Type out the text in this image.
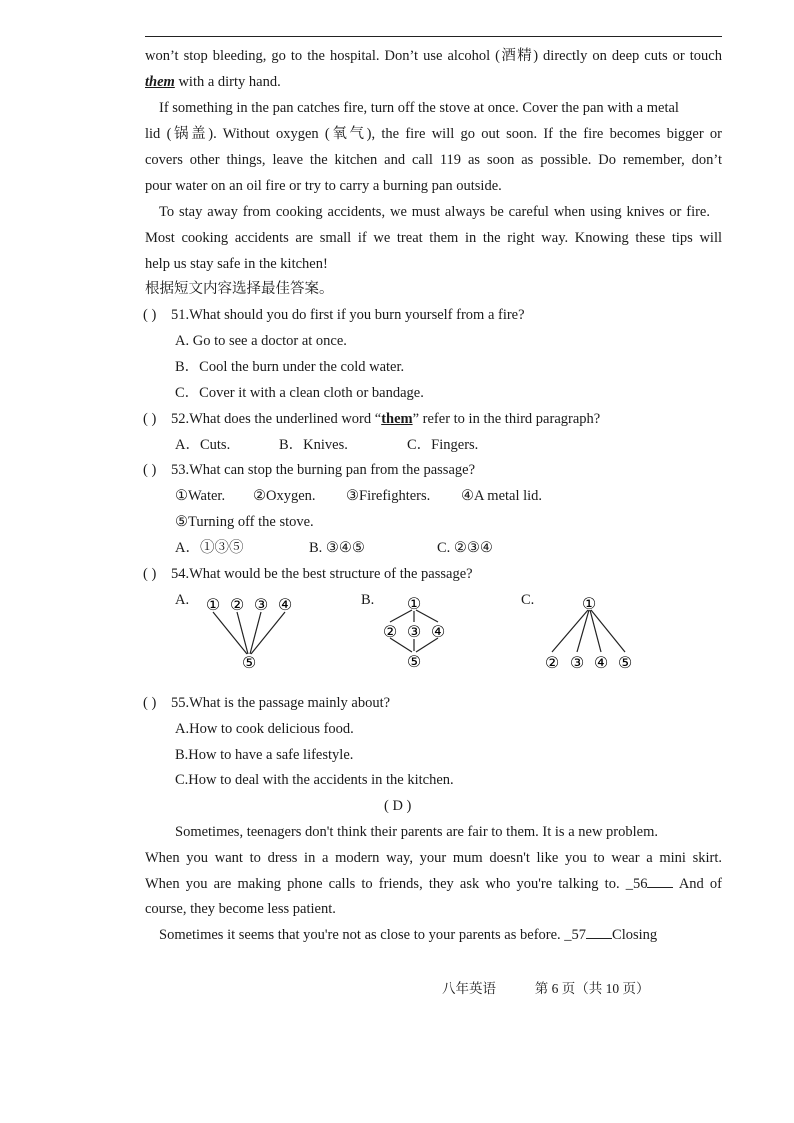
won’t stop bleeding, go to the hospital. Don’t use alcohol (酒精) directly on deep cuts or touch
them with a dirty hand.
If something in the pan catches fire, turn off the stove at once. Cover the pan with a metal
lid (锅盖). Without oxygen (氧气), the fire will go out soon. If the fire becomes bigger or
covers other things, leave the kitchen and call 119 as soon as possible. Do remember, don’t
pour water on an oil fire or try to carry a burning pan outside.
To stay away from cooking accidents, we must always be careful when using knives or fire.
Most cooking accidents are small if we treat them in the right way. Knowing these tips will
help us stay safe in the kitchen!
根据短文内容选择最佳答案。
( ) 51.What should you do first if you burn yourself from a fire?
A. Go to see a doctor at once.
B．Cool the burn under the cold water.
C．Cover it with a clean cloth or bandage.
( ) 52.What does the underlined word “them” refer to in the third paragraph?
A．Cuts.	B．Knives.	C．Fingers.
( ) 53.What can stop the burning pan from the passage?
①Water. ②Oxygen. ③Firefighters. ④A metal lid.
⑤Turning off the stove.
A．①③⑤	B. ③④⑤	C. ②③④
( ) 54.What would be the best structure of the passage?
A.	B.	C.
① ② ③ ④
⑤
①
② ③ ④
⑤
①
② ③ ④ ⑤
( ) 55.What is the passage mainly about?
A.How to cook delicious food.
B.How to have a safe lifestyle.
C.How to deal with the accidents in the kitchen.
( D )
Sometimes, teenagers don't think their parents are fair to them. It is a new problem.
When you want to dress in a modern way, your mum doesn't like you to wear a mini skirt.
When you are making phone calls to friends, they ask who you're talking to. _56 And of
course, they become less patient.
Sometimes it seems that you're not as close to your parents as before. _57 Closing
八年英语	第 6 页（共 10 页）
